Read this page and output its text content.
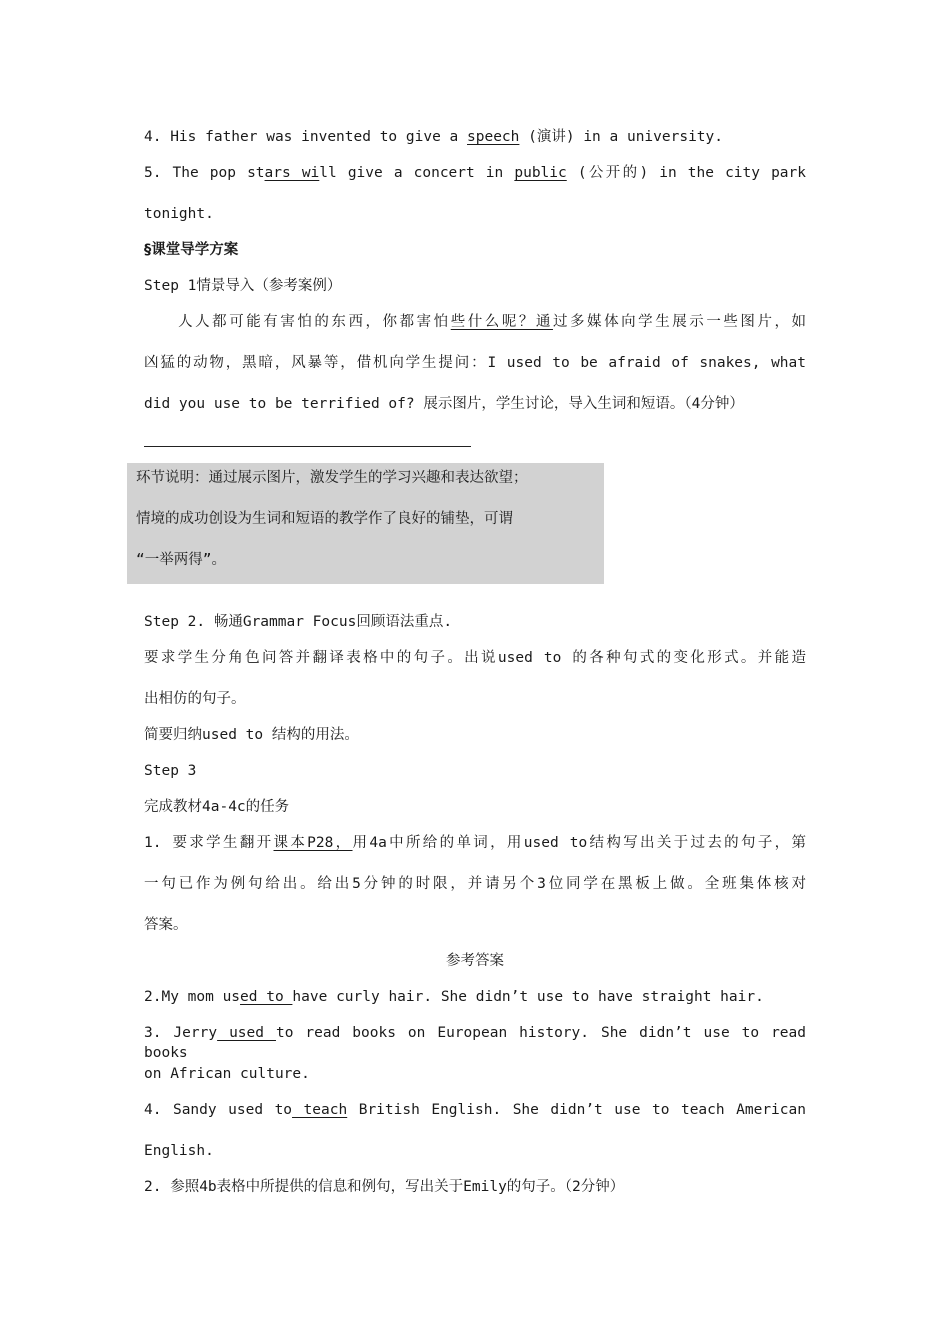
4. His father was invented to give a speech (演讲) in a university.
5. The pop stars will give a concert in public (公开的) in the city park
tonight.
§课堂导学方案
Step 1情景导入（参考案例）
　　人人都可能有害怕的东西，你都害怕些什么呢？通过多媒体向学生展示一些图片，如
凶猛的动物，黑暗，风暴等，借机向学生提问：I used to be afraid of snakes, what
did you use to be terrified of? 展示图片，学生讨论，导入生词和短语。（4分钟）
环节说明：通过展示图片，激发学生的学习兴趣和表达欲望；
情境的成功创设为生词和短语的教学作了良好的铺垫，可谓
“一举两得”。
Step 2. 畅通Grammar Focus回顾语法重点.
要求学生分角色问答并翻译表格中的句子。出说used to 的各种句式的变化形式。并能造
出相仿的句子。
简要归纳used to 结构的用法。
Step 3
完成教材4a-4c的任务
1. 要求学生翻开课本P28，用4a中所给的单词，用used to结构写出关于过去的句子，第
一句已作为例句给出。给出5分钟的时限，并请另个3位同学在黑板上做。全班集体核对
答案。
参考答案
2.My mom used to have curly hair. She didn’t use to have straight hair.
3. Jerry used to read books on European history. She didn’t use to read books
on African culture.
4. Sandy used to teach British English. She didn’t use to teach American
English.
2. 参照4b表格中所提供的信息和例句，写出关于Emily的句子。（2分钟）
